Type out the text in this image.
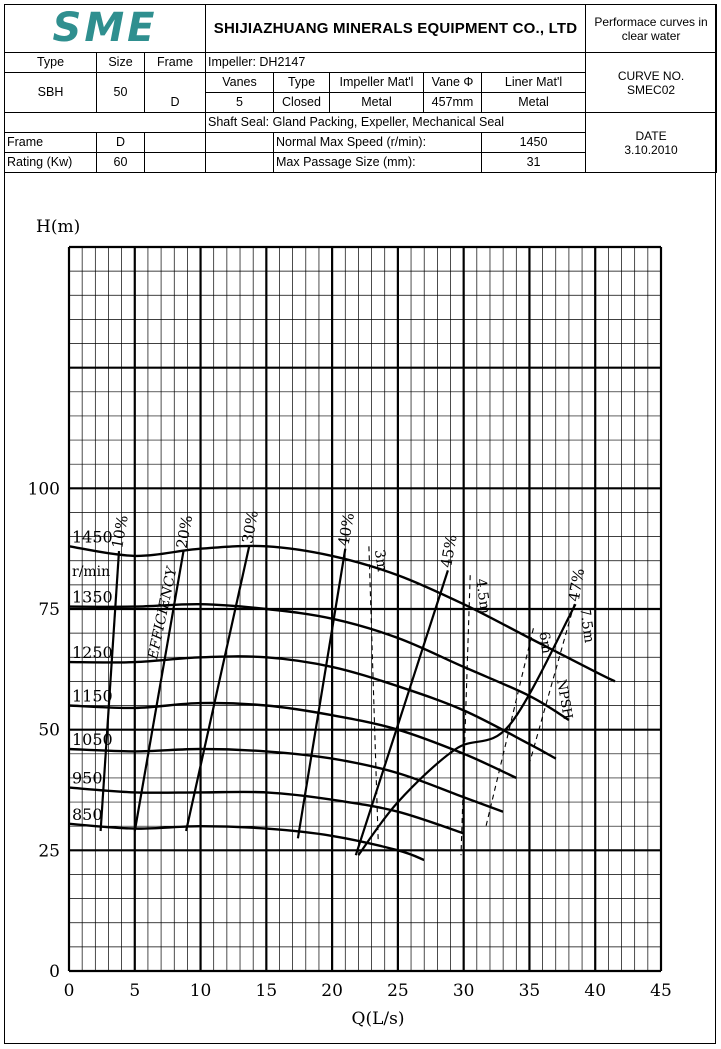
SME			SHIJIAZHUANG MINERALS EQUIPMENT CO., LTD					Performace curves in clear water
Type	Size	Frame	Impeller: DH2147					CURVE NO.
SMEC02

SBH	50		Vanes	Type	Impeller Mat'l	Vane Φ	Liner Mat'l	
		D	5	Closed	Metal	457mm	Metal	
			Shaft Seal: Gland Packing, Expeller, Mechanical Seal					DATE
3.10.2010

Frame	D			Normal Max Speed (r/min):			1450	
Rating (Kw)	60			Max Passage Size (mm):			31	
1450
1350
1250
1150
1050
950
850
10%	20%	30%	40%
45%
47%
3m
4.5m
6m 7.5m
0	5	10	15	20	25	30	35	40	45
0
25
50
75
100
H(m)
Q(L/s)
r/min	EFFICIENCY
NPSH
